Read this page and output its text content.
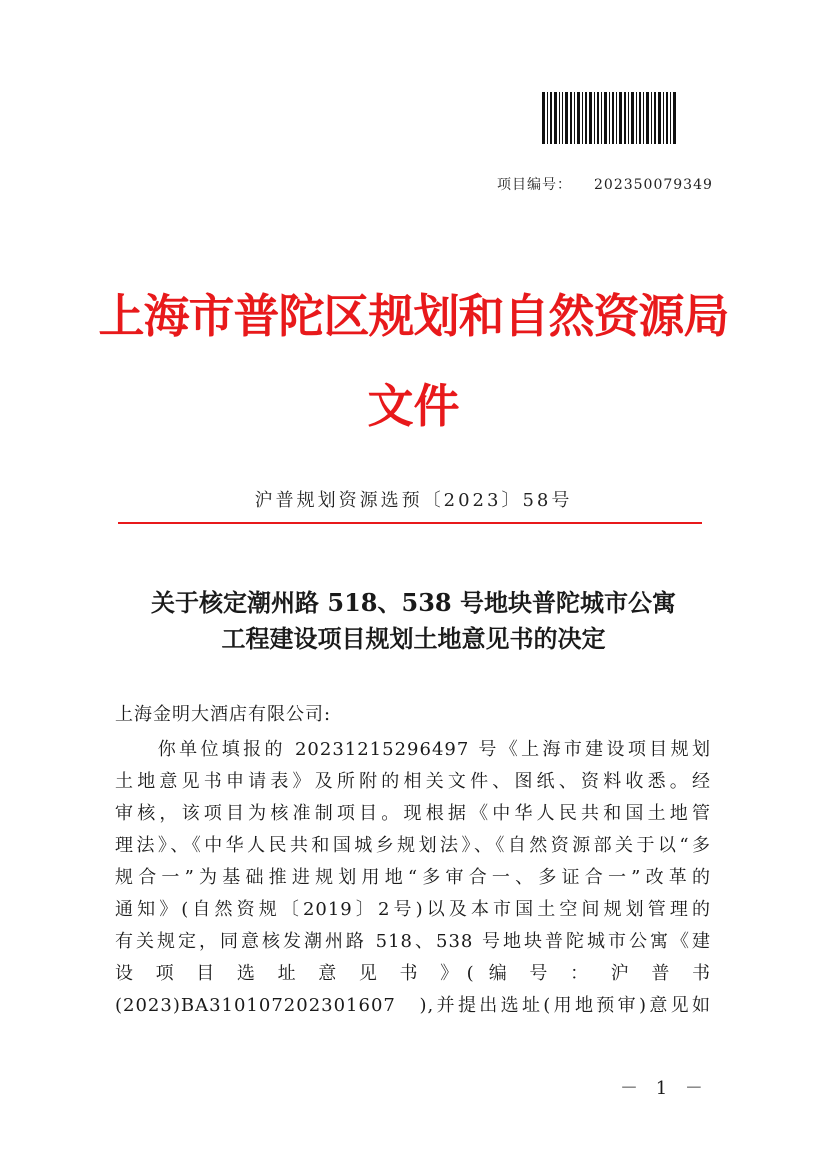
项目编号： 202350079349
上海市普陀区规划和自然资源局
文件
沪普规划资源选预〔2023〕58号
关于核定潮州路 518、538 号地块普陀城市公寓
工程建设项目规划土地意见书的决定
上海金明大酒店有限公司:
　　你单位填报的 20231215296497 号《上海市建设项目规划
土地意见书申请表》及所附的相关文件、图纸、资料收悉。经
审核，该项目为核准制项目。现根据《中华人民共和国土地管
理法》、《中华人民共和国城乡规划法》、《自然资源部关于以“多
规合一”为基础推进规划用地“多审合一、多证合一”改革的
通知》(自然资规〔2019〕2号)以及本市国土空间规划管理的
有关规定，同意核发潮州路 518、538 号地块普陀城市公寓《建
设 项 目 选 址 意 见 书 》( 编 号 ： 沪 普 书
(2023)BA310107202301607　),并提出选址(用地预审)意见如
－ 1 －
